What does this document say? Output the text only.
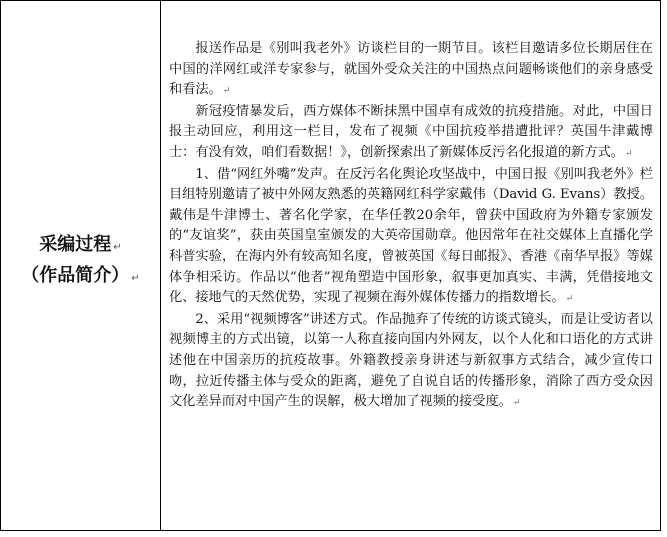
采编过程 ↵
（作品简介） ↵

报送作品是《别叫我老外》访谈栏目的一期节目。该栏目邀请多位长期居住在中国的洋网红或洋专家参与，就国外受众关注的中国热点问题畅谈他们的亲身感受和看法。↵

新冠疫情暴发后，西方媒体不断抹黑中国卓有成效的抗疫措施。对此，中国日报主动回应，利用这一栏目，发布了视频《中国抗疫举措遭批评？英国牛津戴博士：有没有效，咱们看数据！》，创新探索出了新媒体反污名化报道的新方式。↵

1、借“网红外嘴”发声。在反污名化舆论攻坚战中，中国日报《别叫我老外》栏目组特别邀请了被中外网友熟悉的英籍网红科学家戴伟（David G. Evans）教授。戴伟是牛津博士、著名化学家，在华任教20余年，曾获中国政府为外籍专家颁发的“友谊奖”，获由英国皇室颁发的大英帝国勋章。他因常年在社交媒体上直播化学科普实验，在海内外有较高知名度，曾被英国《每日邮报》、香港《南华早报》等媒体争相采访。作品以“他者”视角塑造中国形象，叙事更加真实、丰满，凭借接地文化、接地气的天然优势，实现了视频在海外媒体传播力的指数增长。↵

2、采用“视频博客”讲述方式。作品抛弃了传统的访谈式镜头，而是让受访者以视频博主的方式出镜，以第一人称直接向国内外网友，以个人化和口语化的方式讲述他在中国亲历的抗疫故事。外籍教授亲身讲述与新叙事方式结合，减少宣传口吻，拉近传播主体与受众的距离，避免了自说自话的传播形象，消除了西方受众因文化差异而对中国产生的误解，极大增加了视频的接受度。↵
